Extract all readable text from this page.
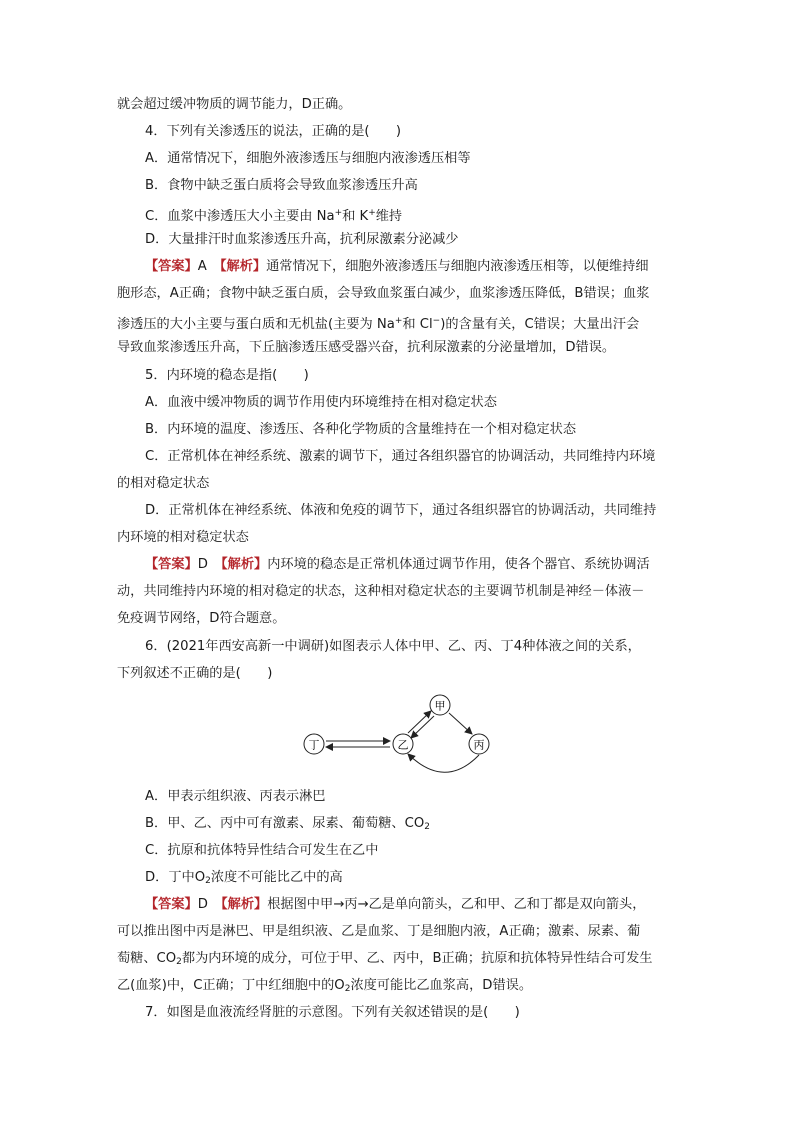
就会超过缓冲物质的调节能力，D正确。
4．下列有关渗透压的说法，正确的是(　　)
A．通常情况下，细胞外液渗透压与细胞内液渗透压相等
B．食物中缺乏蛋白质将会导致血浆渗透压升高
C．血浆中渗透压大小主要由 Na+和 K+维持
D．大量排汗时血浆渗透压升高，抗利尿激素分泌减少
【答案】A　 【解析】通常情况下，细胞外液渗透压与细胞内液渗透压相等，以便维持细
胞形态，A正确；食物中缺乏蛋白质，会导致血浆蛋白减少，血浆渗透压降低，B错误；血浆
渗透压的大小主要与蛋白质和无机盐(主要为 Na+和 Cl−)的含量有关，C错误；大量出汗会
导致血浆渗透压升高，下丘脑渗透压感受器兴奋，抗利尿激素的分泌量增加，D错误。
5．内环境的稳态是指(　　)
A．血液中缓冲物质的调节作用使内环境维持在相对稳定状态
B．内环境的温度、渗透压、各种化学物质的含量维持在一个相对稳定状态
C．正常机体在神经系统、激素的调节下，通过各组织器官的协调活动，共同维持内环境
的相对稳定状态
D．正常机体在神经系统、体液和免疫的调节下，通过各组织器官的协调活动，共同维持
内环境的相对稳定状态
【答案】D　 【解析】内环境的稳态是正常机体通过调节作用，使各个器官、系统协调活
动，共同维持内环境的相对稳定的状态，这种相对稳定状态的主要调节机制是神经－体液－
免疫调节网络，D符合题意。
6．(2021年西安高新一中调研)如图表示人体中甲、乙、丙、丁4种体液之间的关系，
下列叙述不正确的是(　　)
甲
乙	丙
丁
A．甲表示组织液、丙表示淋巴
B．甲、乙、丙中可有激素、尿素、葡萄糖、$CO_2$
C．抗原和抗体特异性结合可发生在乙中
D．丁中$O_2$浓度不可能比乙中的高
【答案】D　 【解析】根据图中甲→丙→乙是单向箭头，乙和甲、乙和丁都是双向箭头，
可以推出图中丙是淋巴、甲是组织液、乙是血浆、丁是细胞内液，A正确；激素、尿素、葡
萄糖、$CO_2$都为内环境的成分，可位于甲、乙、丙中，B正确；抗原和抗体特异性结合可发生
乙(血浆)中，C正确；丁中红细胞中的$O_2$浓度可能比乙血浆高，D错误。
7．如图是血液流经肾脏的示意图。下列有关叙述错误的是(　　)
